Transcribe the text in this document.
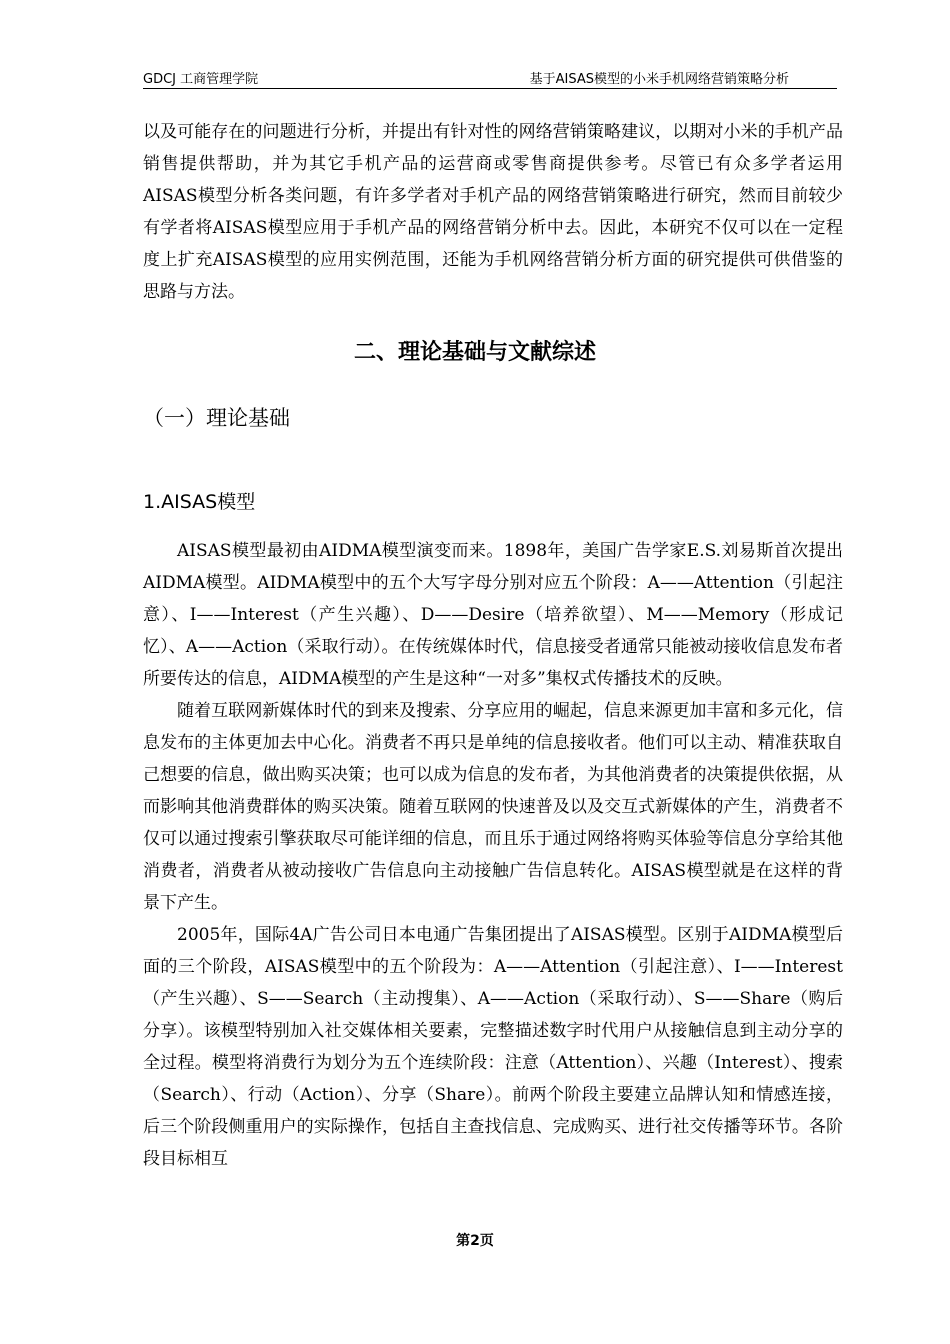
GDCJ 工商管理学院	基于AISAS模型的小米手机网络营销策略分析

以及可能存在的问题进行分析，并提出有针对性的网络营销策略建议，以期对小米的手机产品销售提供帮助，并为其它手机产品的运营商或零售商提供参考。尽管已有众多学者运用AISAS模型分析各类问题，有许多学者对手机产品的网络营销策略进行研究，然而目前较少有学者将AISAS模型应用于手机产品的网络营销分析中去。因此，本研究不仅可以在一定程度上扩充AISAS模型的应用实例范围，还能为手机网络营销分析方面的研究提供可供借鉴的思路与方法。

二、理论基础与文献综述
（一）理论基础
1.AISAS模型

AISAS模型最初由AIDMA模型演变而来。1898年，美国广告学家E.S.刘易斯首次提出AIDMA模型。AIDMA模型中的五个大写字母分别对应五个阶段：A——Attention（引起注意）、I——Interest（产生兴趣）、D——Desire（培养欲望）、M——Memory（形成记忆）、A——Action（采取行动）。在传统媒体时代，信息接受者通常只能被动接收信息发布者所要传达的信息，AIDMA模型的产生是这种“一对多”集权式传播技术的反映。

随着互联网新媒体时代的到来及搜索、分享应用的崛起，信息来源更加丰富和多元化，信息发布的主体更加去中心化。消费者不再只是单纯的信息接收者。他们可以主动、精准获取自己想要的信息，做出购买决策；也可以成为信息的发布者，为其他消费者的决策提供依据，从而影响其他消费群体的购买决策。随着互联网的快速普及以及交互式新媒体的产生，消费者不仅可以通过搜索引擎获取尽可能详细的信息，而且乐于通过网络将购买体验等信息分享给其他消费者，消费者从被动接收广告信息向主动接触广告信息转化。AISAS模型就是在这样的背景下产生。

2005年，国际4A广告公司日本电通广告集团提出了AISAS模型。区别于AIDMA模型后面的三个阶段，AISAS模型中的五个阶段为：A——Attention（引起注意）、I——Interest（产生兴趣）、S——Search（主动搜集）、A——Action（采取行动）、S——Share（购后分享）。该模型特别加入社交媒体相关要素，完整描述数字时代用户从接触信息到主动分享的全过程。模型将消费行为划分为五个连续阶段：注意（Attention）、兴趣（Interest）、搜索（Search）、行动（Action）、分享（Share）。前两个阶段主要建立品牌认知和情感连接，后三个阶段侧重用户的实际操作，包括自主查找信息、完成购买、进行社交传播等环节。各阶段目标相互

第2页
